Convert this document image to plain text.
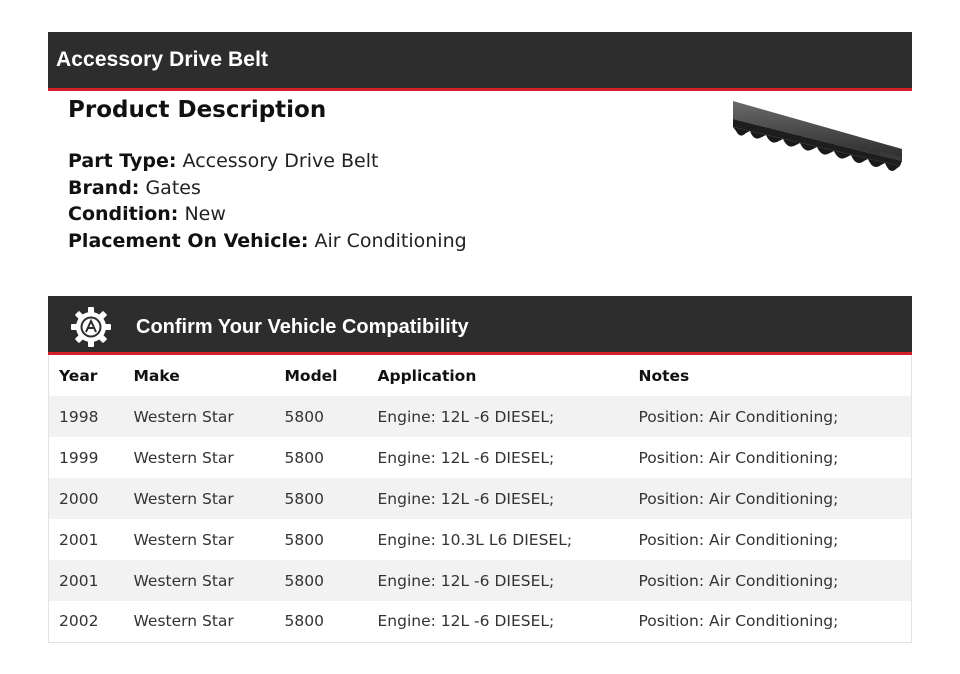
Accessory Drive Belt
Product Description
Part Type: Accessory Drive Belt
Brand: Gates
Condition: New
Placement On Vehicle: Air Conditioning
Confirm Your Vehicle Compatibility
Year	Make	Model	Application	Notes
1998	Western Star	5800	Engine: 12L -6 DIESEL;	Position: Air Conditioning;
1999	Western Star	5800	Engine: 12L -6 DIESEL;	Position: Air Conditioning;
2000	Western Star	5800	Engine: 12L -6 DIESEL;	Position: Air Conditioning;
2001	Western Star	5800	Engine: 10.3L L6 DIESEL;	Position: Air Conditioning;
2001	Western Star	5800	Engine: 12L -6 DIESEL;	Position: Air Conditioning;
2002	Western Star	5800	Engine: 12L -6 DIESEL;	Position: Air Conditioning;
